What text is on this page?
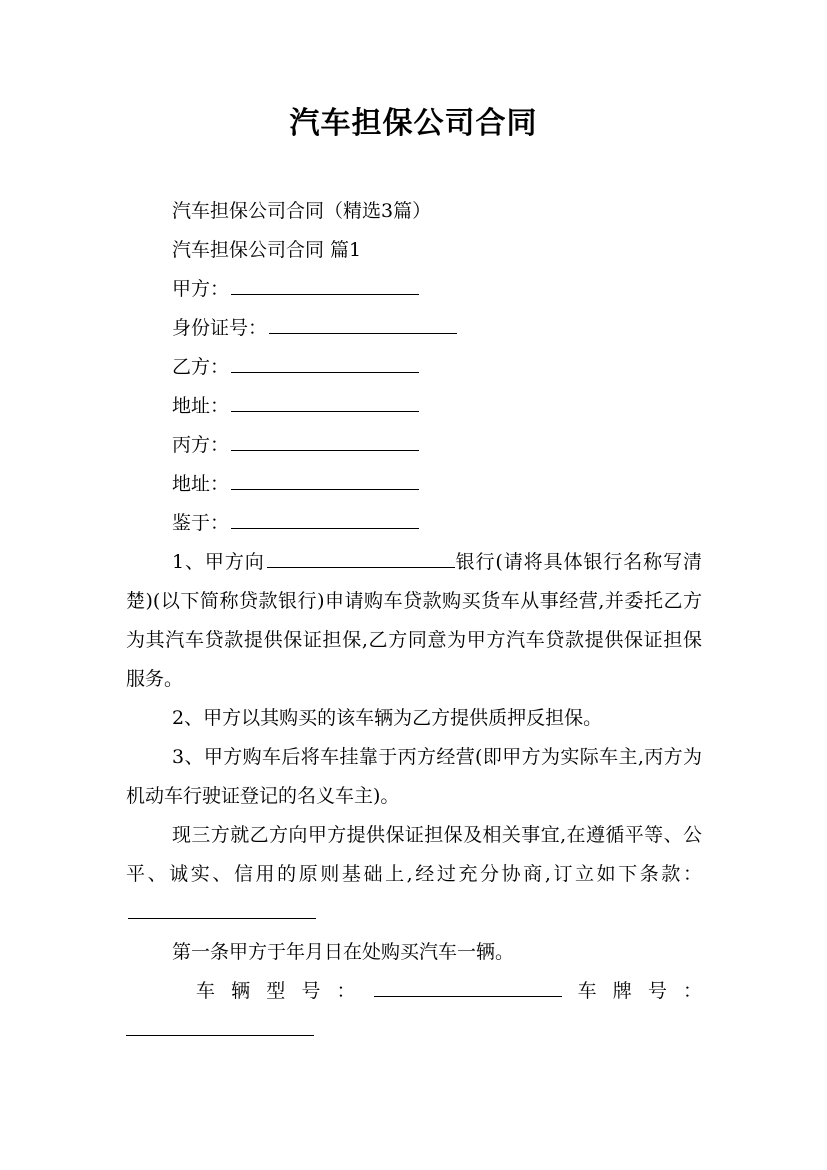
汽车担保公司合同
汽车担保公司合同（精选3篇）
汽车担保公司合同 篇1
甲方：
身份证号：
乙方：
地址：
丙方：
地址：
鉴于：
1、甲方向	银行(请将具体银行名称写清楚)(以下简称贷款银行)申请购车贷款购买货车从事经营,并委托乙方为其汽车贷款提供保证担保,乙方同意为甲方汽车贷款提供保证担保服务。
2、甲方以其购买的该车辆为乙方提供质押反担保。
3、甲方购车后将车挂靠于丙方经营(即甲方为实际车主,丙方为机动车行驶证登记的名义车主)。
现三方就乙方向甲方提供保证担保及相关事宜,在遵循平等、公平、诚实、信用的原则基础上,经过充分协商,订立如下条款：
第一条甲方于年月日在处购买汽车一辆。
车 辆 型 号 ：	车 牌 号 ：
